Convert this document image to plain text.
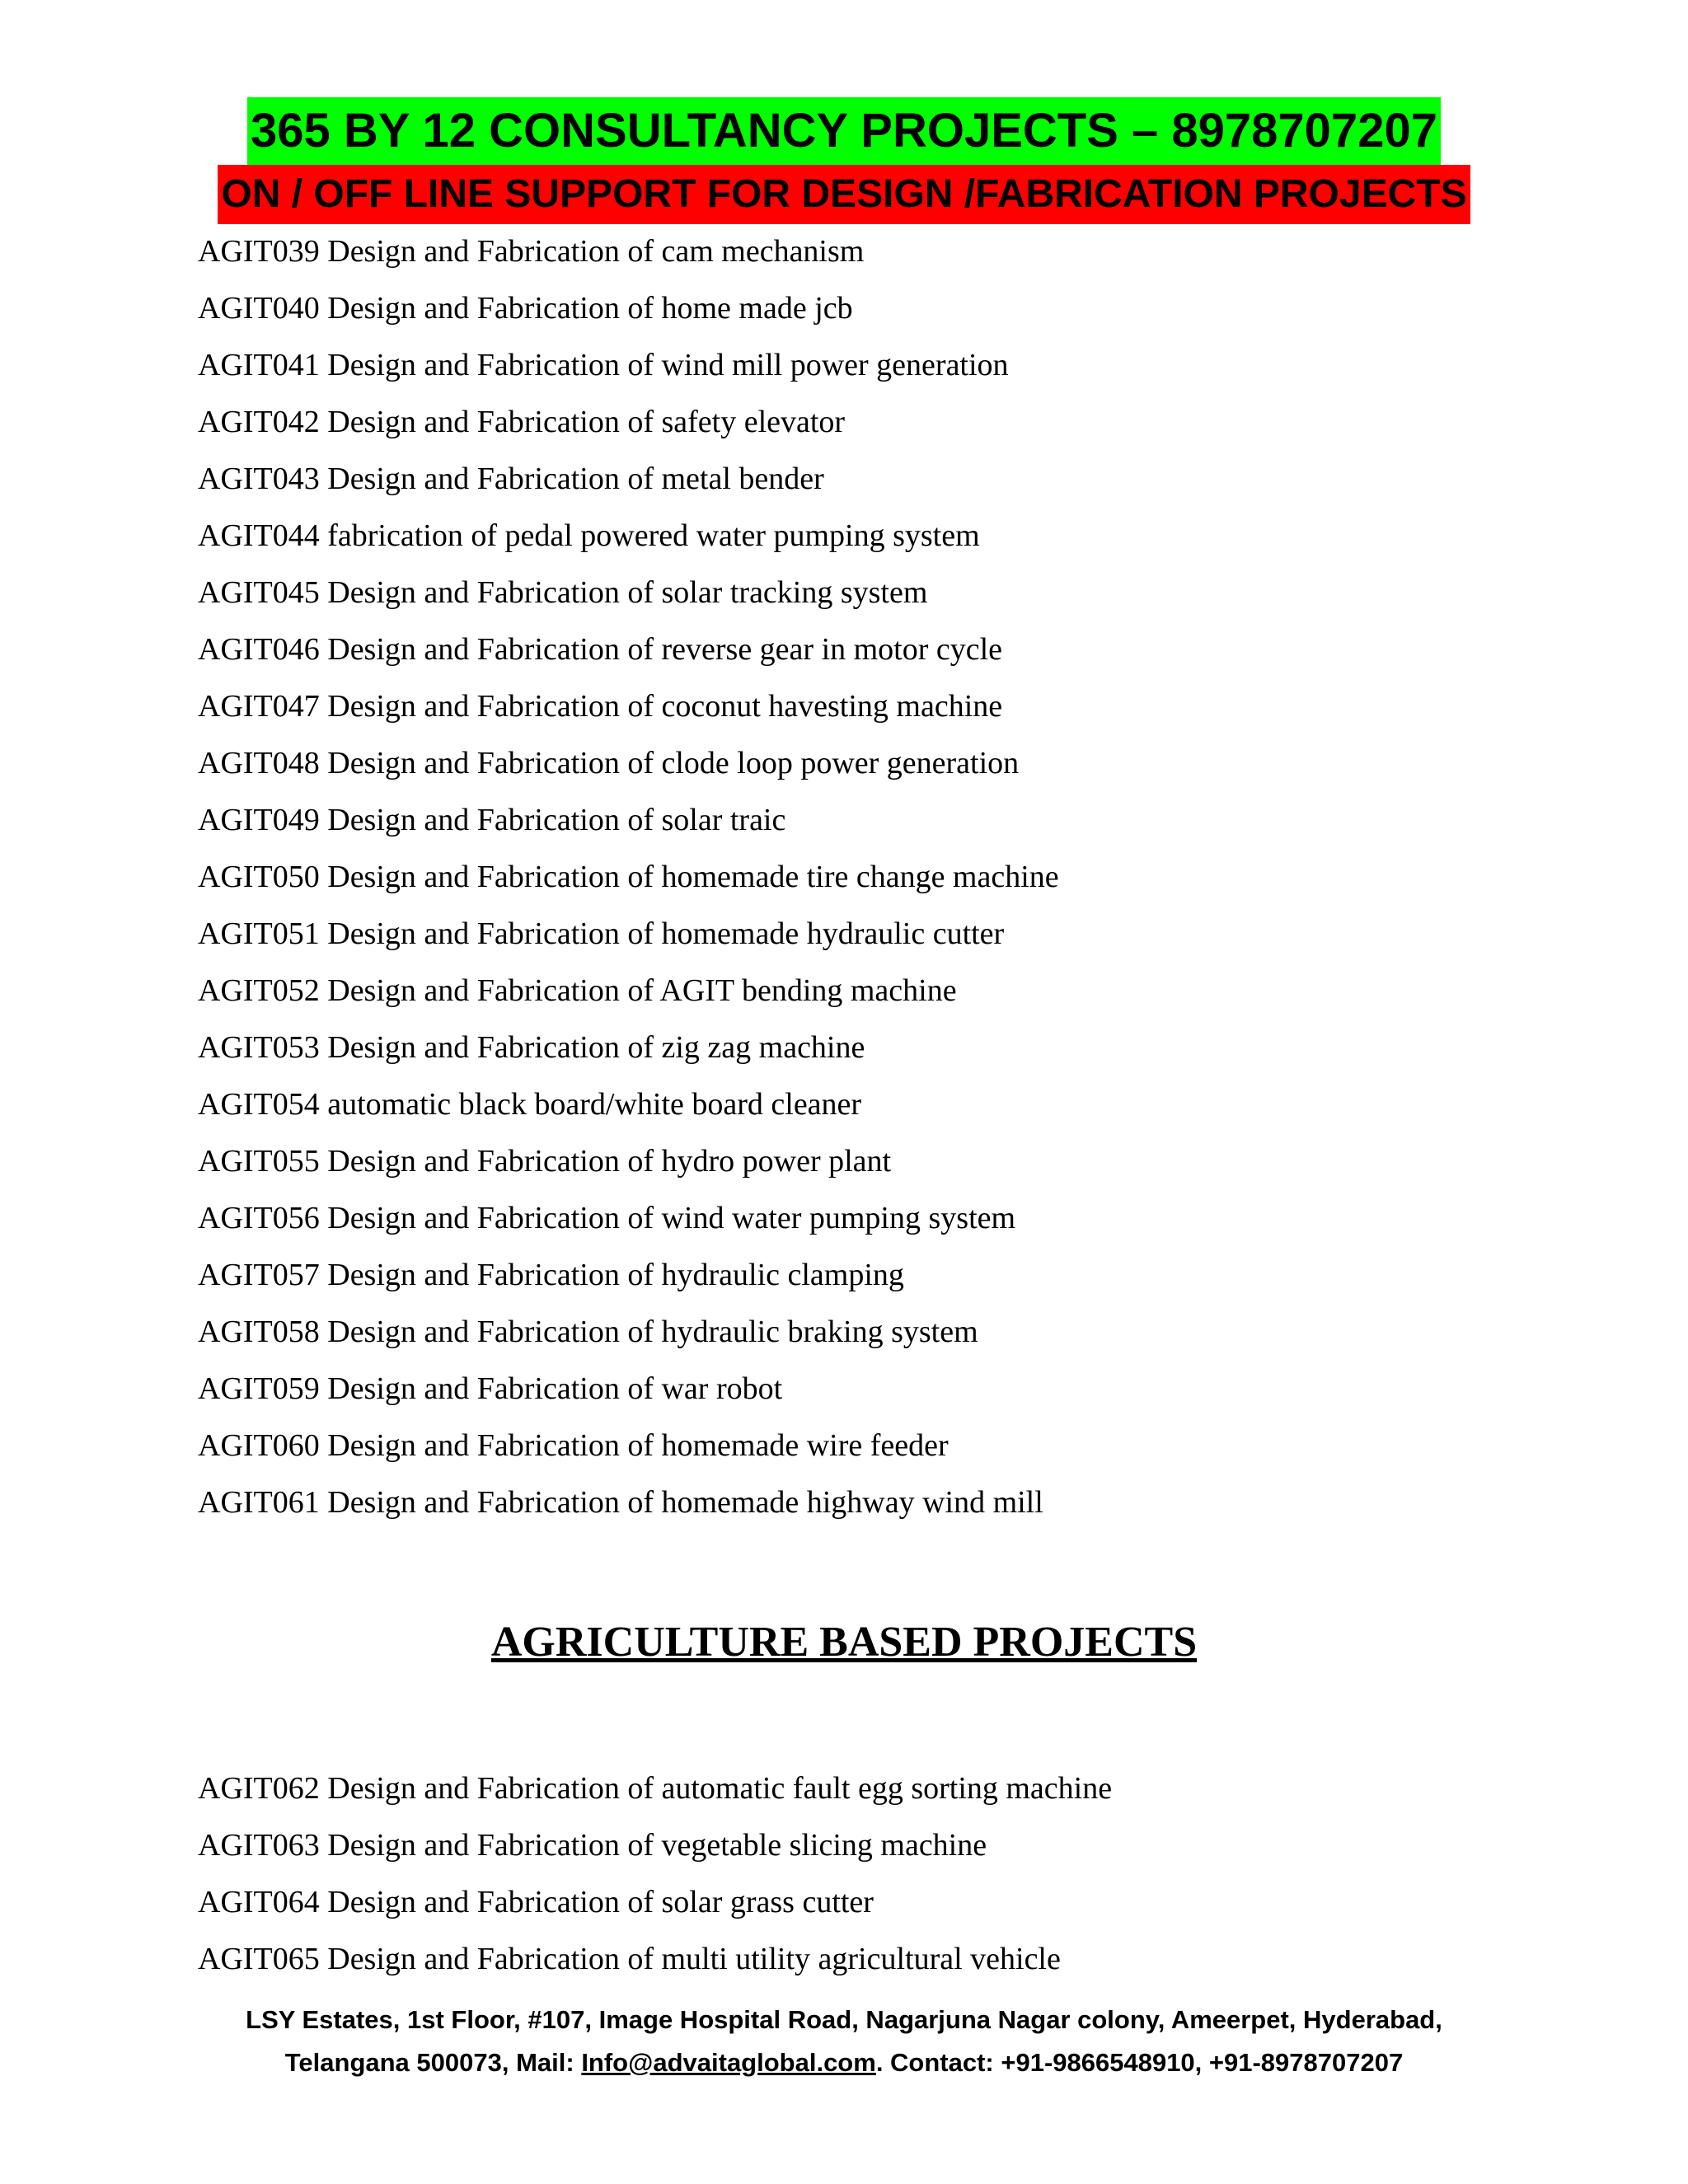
365 BY 12 CONSULTANCY PROJECTS – 8978707207
ON / OFF LINE SUPPORT FOR DESIGN /FABRICATION PROJECTS
AGIT039 Design and Fabrication of cam mechanism
AGIT040 Design and Fabrication of home made jcb
AGIT041 Design and Fabrication of wind mill power generation
AGIT042 Design and Fabrication of safety elevator
AGIT043 Design and Fabrication of metal bender
AGIT044 fabrication of pedal powered water pumping system
AGIT045 Design and Fabrication of solar tracking system
AGIT046 Design and Fabrication of reverse gear in motor cycle
AGIT047 Design and Fabrication of coconut havesting machine
AGIT048 Design and Fabrication of clode loop power generation
AGIT049 Design and Fabrication of solar traic
AGIT050 Design and Fabrication of homemade tire change machine
AGIT051 Design and Fabrication of homemade hydraulic cutter
AGIT052 Design and Fabrication of AGIT bending machine
AGIT053 Design and Fabrication of zig zag machine
AGIT054 automatic black board/white board cleaner
AGIT055 Design and Fabrication of hydro power plant
AGIT056 Design and Fabrication of wind water pumping system
AGIT057 Design and Fabrication of hydraulic clamping
AGIT058 Design and Fabrication of hydraulic braking system
AGIT059 Design and Fabrication of war robot
AGIT060 Design and Fabrication of homemade wire feeder
AGIT061 Design and Fabrication of homemade highway wind mill
AGRICULTURE BASED PROJECTS
AGIT062 Design and Fabrication of automatic fault egg sorting machine
AGIT063 Design and Fabrication of vegetable slicing machine
AGIT064 Design and Fabrication of solar grass cutter
AGIT065 Design and Fabrication of multi utility agricultural vehicle
LSY Estates, 1st Floor, #107, Image Hospital Road, Nagarjuna Nagar colony, Ameerpet, Hyderabad,
Telangana 500073, Mail: Info@advaitaglobal.com. Contact: +91-9866548910, +91-8978707207
